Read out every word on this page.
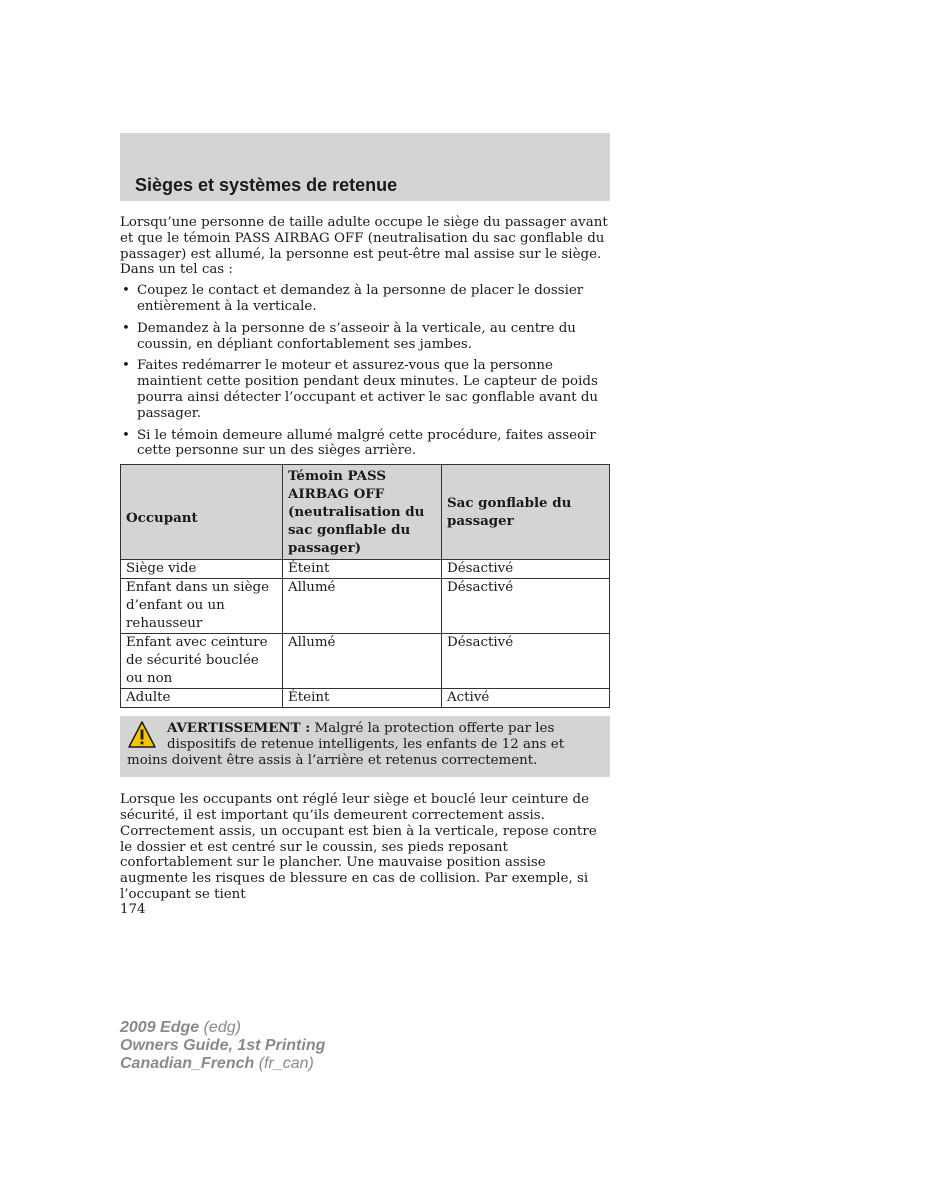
Sièges et systèmes de retenue

Lorsqu’une personne de taille adulte occupe le siège du passager avant et que le témoin PASS AIRBAG OFF (neutralisation du sac gonflable du passager) est allumé, la personne est peut-être mal assise sur le siège. Dans un tel cas :

• Coupez le contact et demandez à la personne de placer le dossier entièrement à la verticale.
• Demandez à la personne de s’asseoir à la verticale, au centre du coussin, en dépliant confortablement ses jambes.
• Faites redémarrer le moteur et assurez-vous que la personne maintient cette position pendant deux minutes. Le capteur de poids pourra ainsi détecter l’occupant et activer le sac gonflable avant du passager.
• Si le témoin demeure allumé malgré cette procédure, faites asseoir cette personne sur un des sièges arrière.
Occupant	Témoin PASS AIRBAG OFF (neutralisation du sac gonflable du passager)	Sac gonflable du passager
Siège vide	Éteint	Désactivé
Enfant dans un siège d’enfant ou un rehausseur	Allumé	Désactivé
Enfant avec ceinture de sécurité bouclée ou non	Allumé	Désactivé
Adulte	Éteint	Activé
AVERTISSEMENT : Malgré la protection offerte par les dispositifs de retenue intelligents, les enfants de 12 ans et moins doivent être assis à l’arrière et retenus correctement.

Lorsque les occupants ont réglé leur siège et bouclé leur ceinture de sécurité, il est important qu’ils demeurent correctement assis. Correctement assis, un occupant est bien à la verticale, repose contre le dossier et est centré sur le coussin, ses pieds reposant confortablement sur le plancher. Une mauvaise position assise augmente les risques de blessure en cas de collision. Par exemple, si l’occupant se tient

174
2009 Edge (edg)
Owners Guide, 1st Printing
Canadian_French (fr_can)
